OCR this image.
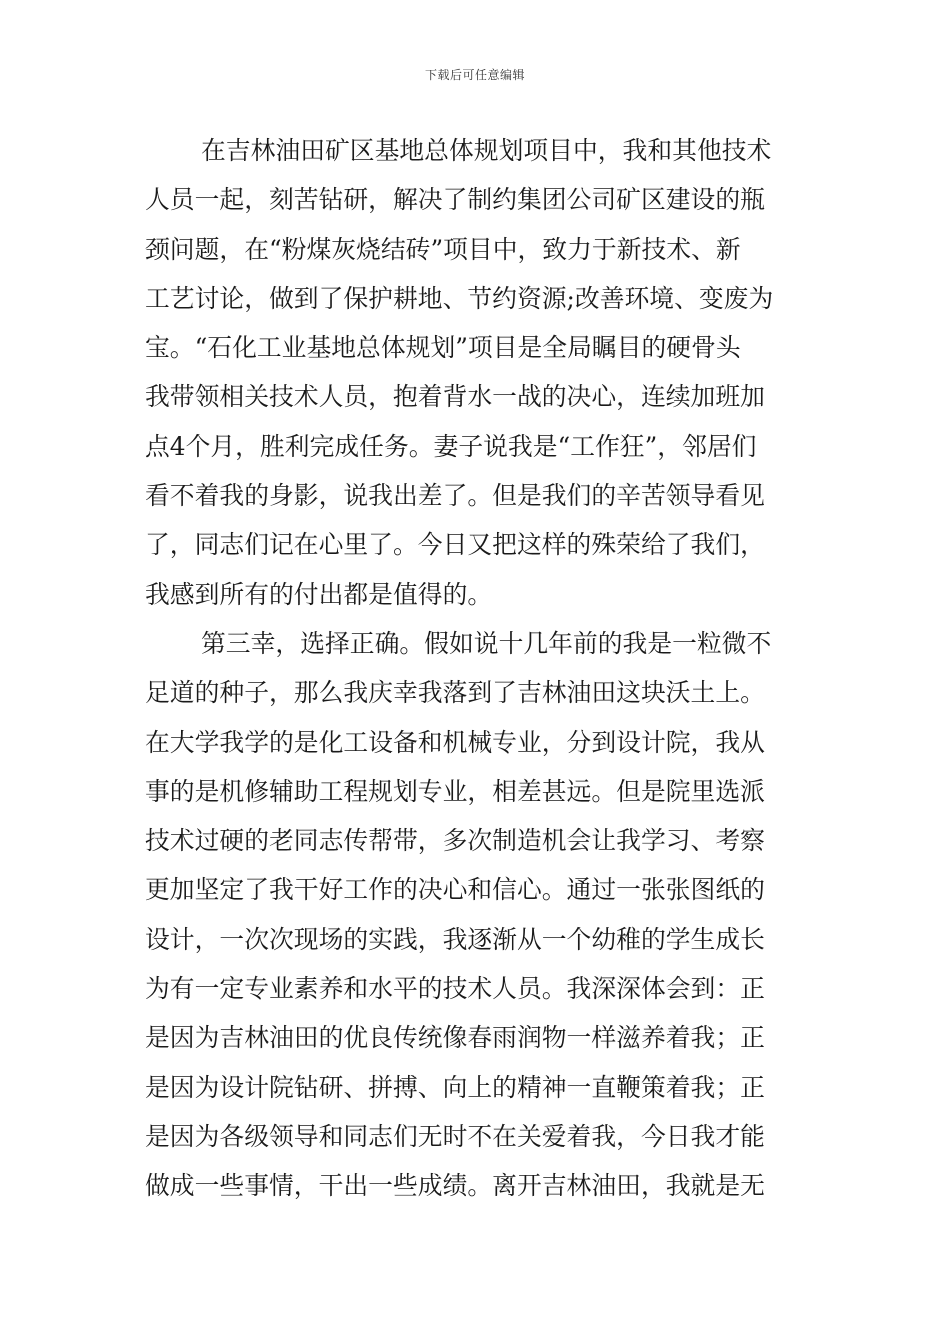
下载后可任意编辑
在吉林油田矿区基地总体规划项目中，我和其他技术
人员一起，刻苦钻研，解决了制约集团公司矿区建设的瓶
颈问题，在“粉煤灰烧结砖”项目中，致力于新技术、新
工艺讨论，做到了保护耕地、节约资源;改善环境、变废为
宝。“石化工业基地总体规划”项目是全局瞩目的硬骨头
我带领相关技术人员，抱着背水一战的决心，连续加班加
点4个月，胜利完成任务。妻子说我是“工作狂”，邻居们
看不着我的身影，说我出差了。但是我们的辛苦领导看见
了，同志们记在心里了。今日又把这样的殊荣给了我们，
我感到所有的付出都是值得的。
第三幸，选择正确。假如说十几年前的我是一粒微不
足道的种子，那么我庆幸我落到了吉林油田这块沃土上。
在大学我学的是化工设备和机械专业，分到设计院，我从
事的是机修辅助工程规划专业，相差甚远。但是院里选派
技术过硬的老同志传帮带，多次制造机会让我学习、考察
更加坚定了我干好工作的决心和信心。通过一张张图纸的
设计，一次次现场的实践，我逐渐从一个幼稚的学生成长
为有一定专业素养和水平的技术人员。我深深体会到：正
是因为吉林油田的优良传统像春雨润物一样滋养着我；正
是因为设计院钻研、拼搏、向上的精神一直鞭策着我；正
是因为各级领导和同志们无时不在关爱着我，今日我才能
做成一些事情，干出一些成绩。离开吉林油田，我就是无
